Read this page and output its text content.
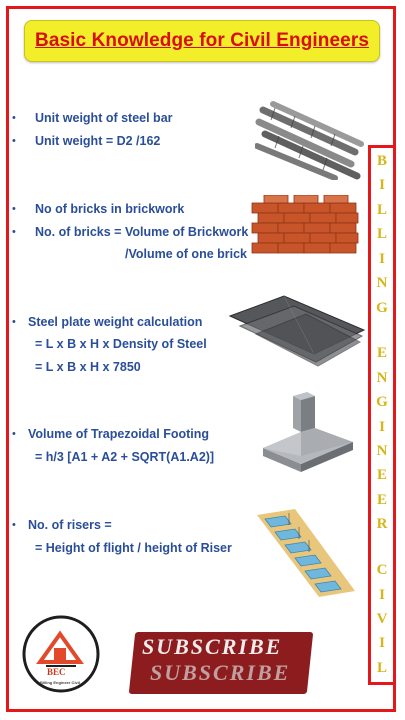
Basic Knowledge for Civil Engineers
B
I
L
L
I
N
G
E
N
G
I
N
E
E
R
C
I
V
I
L
• Unit weight of steel bar
• Unit weight = D2 /162
• No of bricks in brickwork
• No. of bricks = Volume of Brickwork
/Volume of one brick
• Steel plate weight calculation
= L x B x H x Density of Steel
= L x B x H x 7850
• Volume of Trapezoidal Footing
= h/3 [A1 + A2 + SQRT(A1.A2)]
• No. of risers =
= Height of flight / height of Riser
BEC
Billing Engineer Civil
SUBSCRIBE
SUBSCRIBE
